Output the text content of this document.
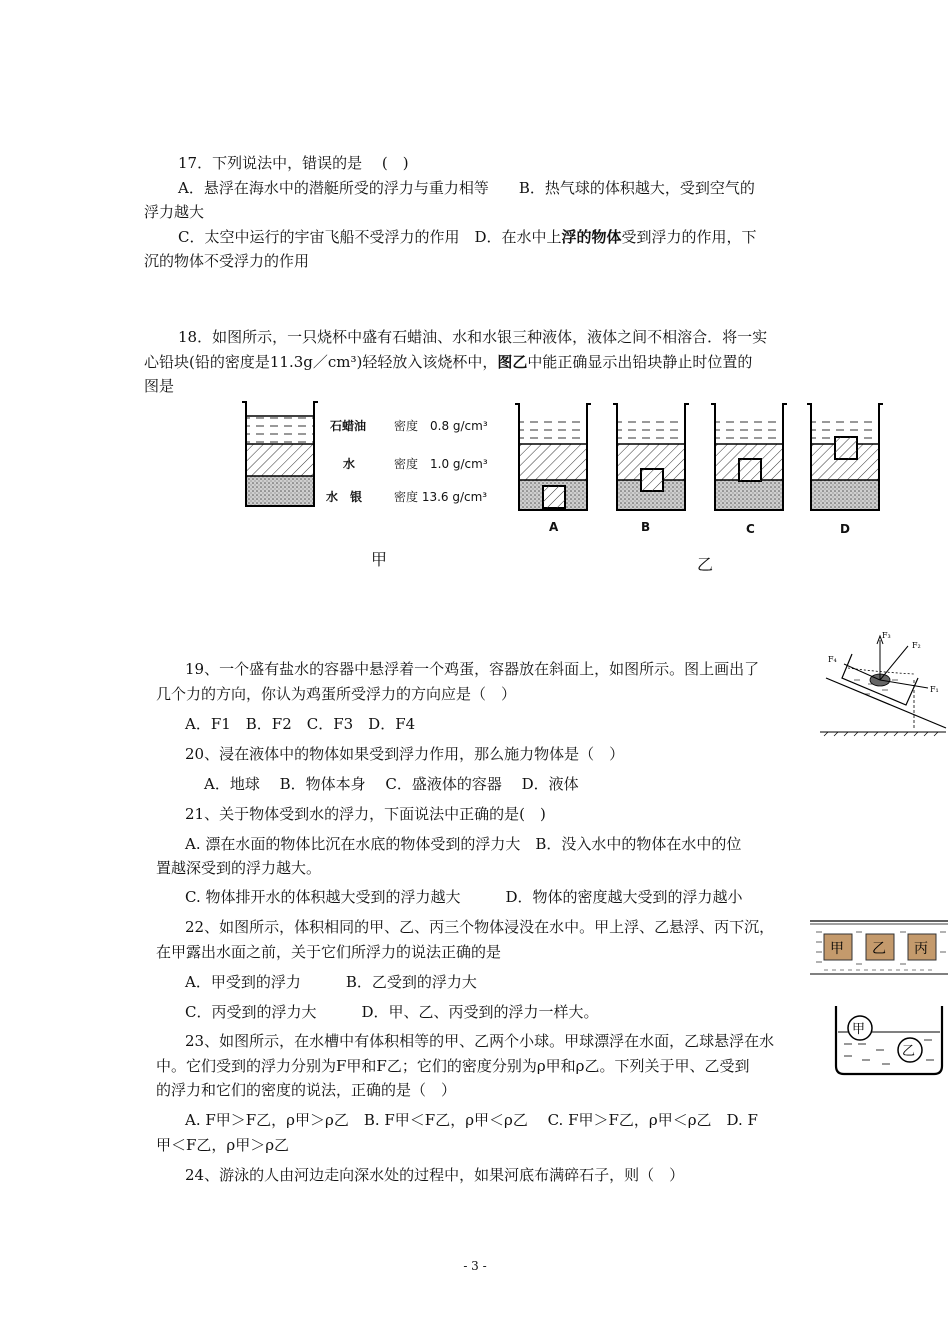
17．下列说法中，错误的是　 (　)
A．悬浮在海水中的潜艇所受的浮力与重力相等　　B．热气球的体积越大，受到空气的
浮力越大
C．太空中运行的宇宙飞船不受浮力的作用　D．在水中上浮的物体受到浮力的作用，下
沉的物体不受浮力的作用
18．如图所示，一只烧杯中盛有石蜡油、水和水银三种液体，液体之间不相溶合．将一实
心铅块(铅的密度是11.3g／cm³)轻轻放入该烧杯中，图乙中能正确显示出铅块静止时位置的
图是
石蜡油
水
水　银
密度　0.8 g/cm³
密度　1.0 g/cm³
密度 13.6 g/cm³
A	B	C	D
甲	乙
19、一个盛有盐水的容器中悬浮着一个鸡蛋，容器放在斜面上，如图所示。图上画出了
几个力的方向，你认为鸡蛋所受浮力的方向应是（　）
A．F1　B．F2　C．F3　D．F4
F₃
F₂
F₄
F₁
20、浸在液体中的物体如果受到浮力作用，那么施力物体是（　）
A．地球　 B．物体本身　 C．盛液体的容器　 D．液体
21、关于物体受到水的浮力，下面说法中正确的是(　)
A. 漂在水面的物体比沉在水底的物体受到的浮力大　B．没入水中的物体在水中的位
置越深受到的浮力越大。
C. 物体排开水的体积越大受到的浮力越大　　　D．物体的密度越大受到的浮力越小
22、如图所示，体积相同的甲、乙、丙三个物体浸没在水中。甲上浮、乙悬浮、丙下沉，
在甲露出水面之前，关于它们所浮力的说法正确的是
A．甲受到的浮力　　　B．乙受到的浮力大
C．丙受到的浮力大　　　D．甲、乙、丙受到的浮力一样大。
甲 乙 丙
23、如图所示，在水槽中有体积相等的甲、乙两个小球。甲球漂浮在水面，乙球悬浮在水
中。它们受到的浮力分别为F甲和F乙；它们的密度分别为ρ甲和ρ乙。下列关于甲、乙受到
的浮力和它们的密度的说法，正确的是（　）
A. F甲＞F乙，ρ甲＞ρ乙　B. F甲＜F乙，ρ甲＜ρ乙　 C. F甲＞F乙，ρ甲＜ρ乙　D. F
甲＜F乙，ρ甲＞ρ乙
甲
乙
24、游泳的人由河边走向深水处的过程中，如果河底布满碎石子，则（　）
- 3 -
